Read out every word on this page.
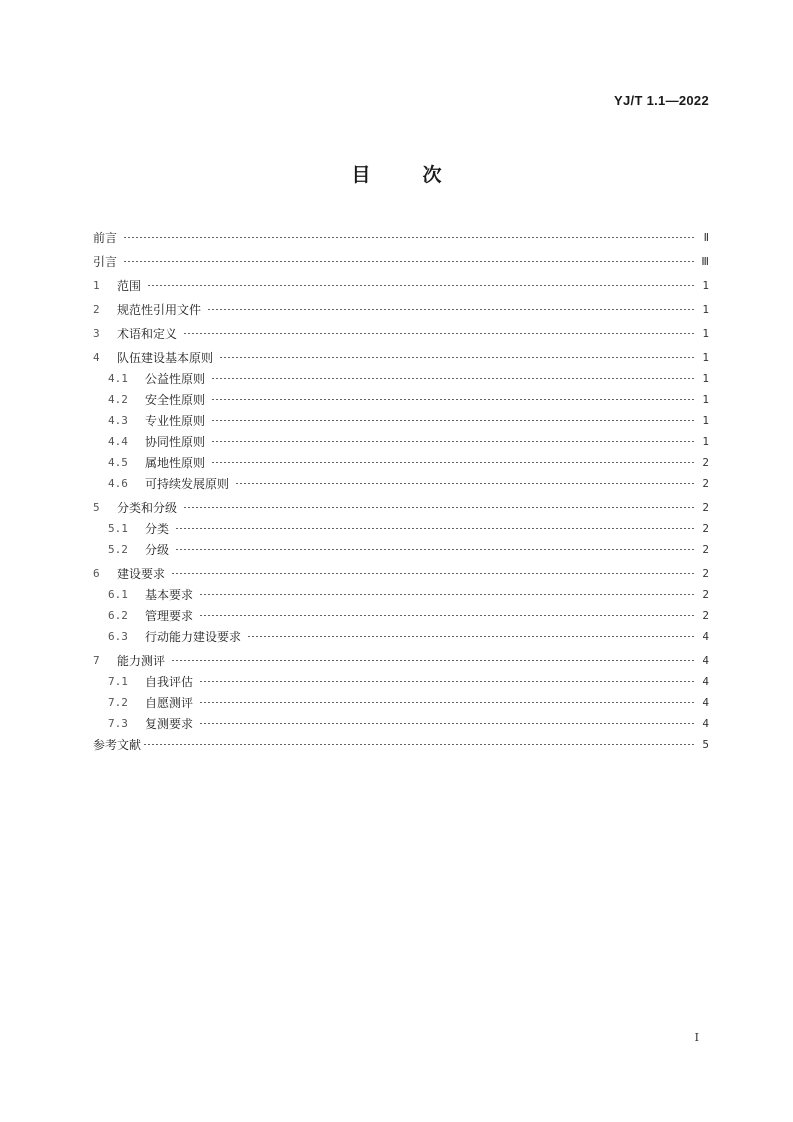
YJ/T 1.1—2022
目	次
前言	Ⅱ
引言	Ⅲ
1	范围	1
2	规范性引用文件	1
3	术语和定义	1
4	队伍建设基本原则	1
4.1	公益性原则	1
4.2	安全性原则	1
4.3	专业性原则	1
4.4	协同性原则	1
4.5	属地性原则	2
4.6	可持续发展原则	2
5	分类和分级	2
5.1	分类	2
5.2	分级	2
6	建设要求	2
6.1	基本要求	2
6.2	管理要求	2
6.3	行动能力建设要求	4
7	能力测评	4
7.1	自我评估	4
7.2	自愿测评	4
7.3	复测要求	4
参考文献	5
I
